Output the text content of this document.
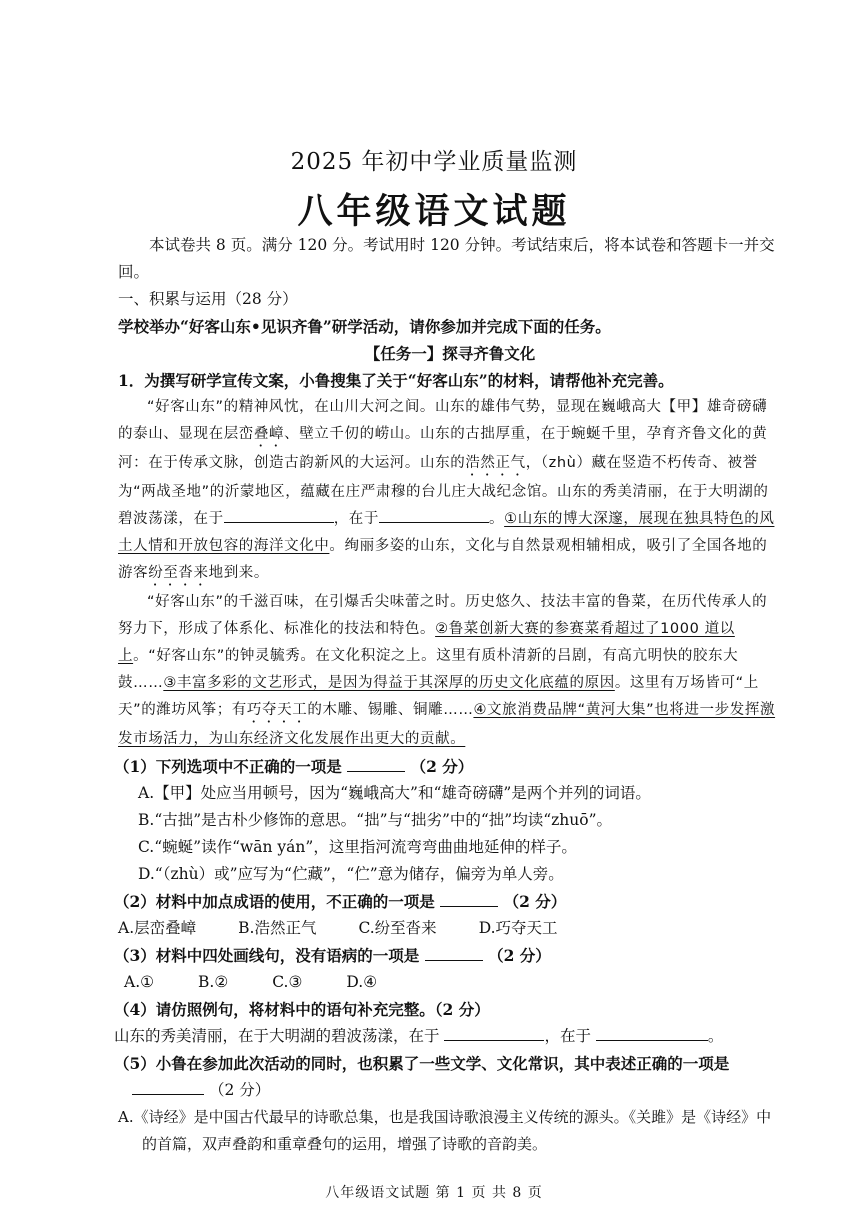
2025 年初中学业质量监测
八年级语文试题

本试卷共 8 页。满分 120 分。考试用时 120 分钟。考试结束后，将本试卷和答题卡一并交回。

一、积累与运用（28 分）

学校举办“好客山东•见识齐鲁”研学活动，请你参加并完成下面的任务。

【任务一】探寻齐鲁文化

1．为撰写研学宣传文案，小鲁搜集了关于“好客山东”的材料，请帮他补充完善。

“好客山东”的精神风忱，在山川大河之间。山东的雄伟气势，显现在巍峨高大【甲】雄奇磅礴的泰山、显现在层峦叠嶂、壁立千仞的崂山。山东的古拙厚重，在于蜿蜒千里，孕育齐鲁文化的黄河：在于传承文脉，创造古韵新风的大运河。山东的浩然正气，（zhù）藏在竖造不朽传奇、被誉为“两战圣地”的沂蒙地区，蕴藏在庄严肃穆的台儿庄大战纪念馆。山东的秀美清丽，在于大明湖的碧波荡漾，在于	，在于	。①山东的博大深邃，展现在独具特色的风土人情和开放包容的海洋文化中。绚丽多姿的山东，文化与自然景观相辅相成，吸引了全国各地的游客纷至沓来地到来。

“好客山东”的千滋百味，在引爆舌尖味蕾之时。历史悠久、技法丰富的鲁菜，在历代传承人的努力下，形成了体系化、标准化的技法和特色。②鲁菜创新大赛的参赛菜肴超过了1000 道以上。“好客山东”的钟灵毓秀。在文化积淀之上。这里有质朴清新的吕剧，有高亢明快的胶东大鼓……③丰富多彩的文艺形式，是因为得益于其深厚的历史文化底蕴的原因。这里有万场皆可“上天”的潍坊风筝；有巧夺天工的木雕、锡雕、铜雕……④文旅消费品牌“黄河大集”也将进一步发挥激发市场活力，为山东经济文化发展作出更大的贡献。

（1）下列选项中不正确的一项是	（2 分）

A.【甲】处应当用顿号，因为“巍峨高大”和“雄奇磅礴”是两个并列的词语。

B.“古拙”是古朴少修饰的意思。“拙”与“拙劣”中的“拙”均读“zhuō”。

C.“蜿蜒”读作“wān yán”，这里指河流弯弯曲曲地延伸的样子。

D.“（zhù）或”应写为“伫藏”，“伫”意为储存，偏旁为单人旁。

（2）材料中加点成语的使用，不正确的一项是	（2 分）

A.层峦叠嶂	B.浩然正气	C.纷至沓来	D.巧夺天工

（3）材料中四处画线句，没有语病的一项是	（2 分）

A.①	B.②	C.③	D.④

（4）请仿照例句，将材料中的语句补充完整。（2 分）

山东的秀美清丽，在于大明湖的碧波荡漾，在于	，在于	。

（5）小鲁在参加此次活动的同时，也积累了一些文学、文化常识，其中表述正确的一项是

（2 分）

A.《诗经》是中国古代最早的诗歌总集，也是我国诗歌浪漫主义传统的源头。《关雎》是《诗经》中的首篇，双声叠韵和重章叠句的运用，增强了诗歌的音韵美。

八年级语文试题 第 1 页 共 8 页
